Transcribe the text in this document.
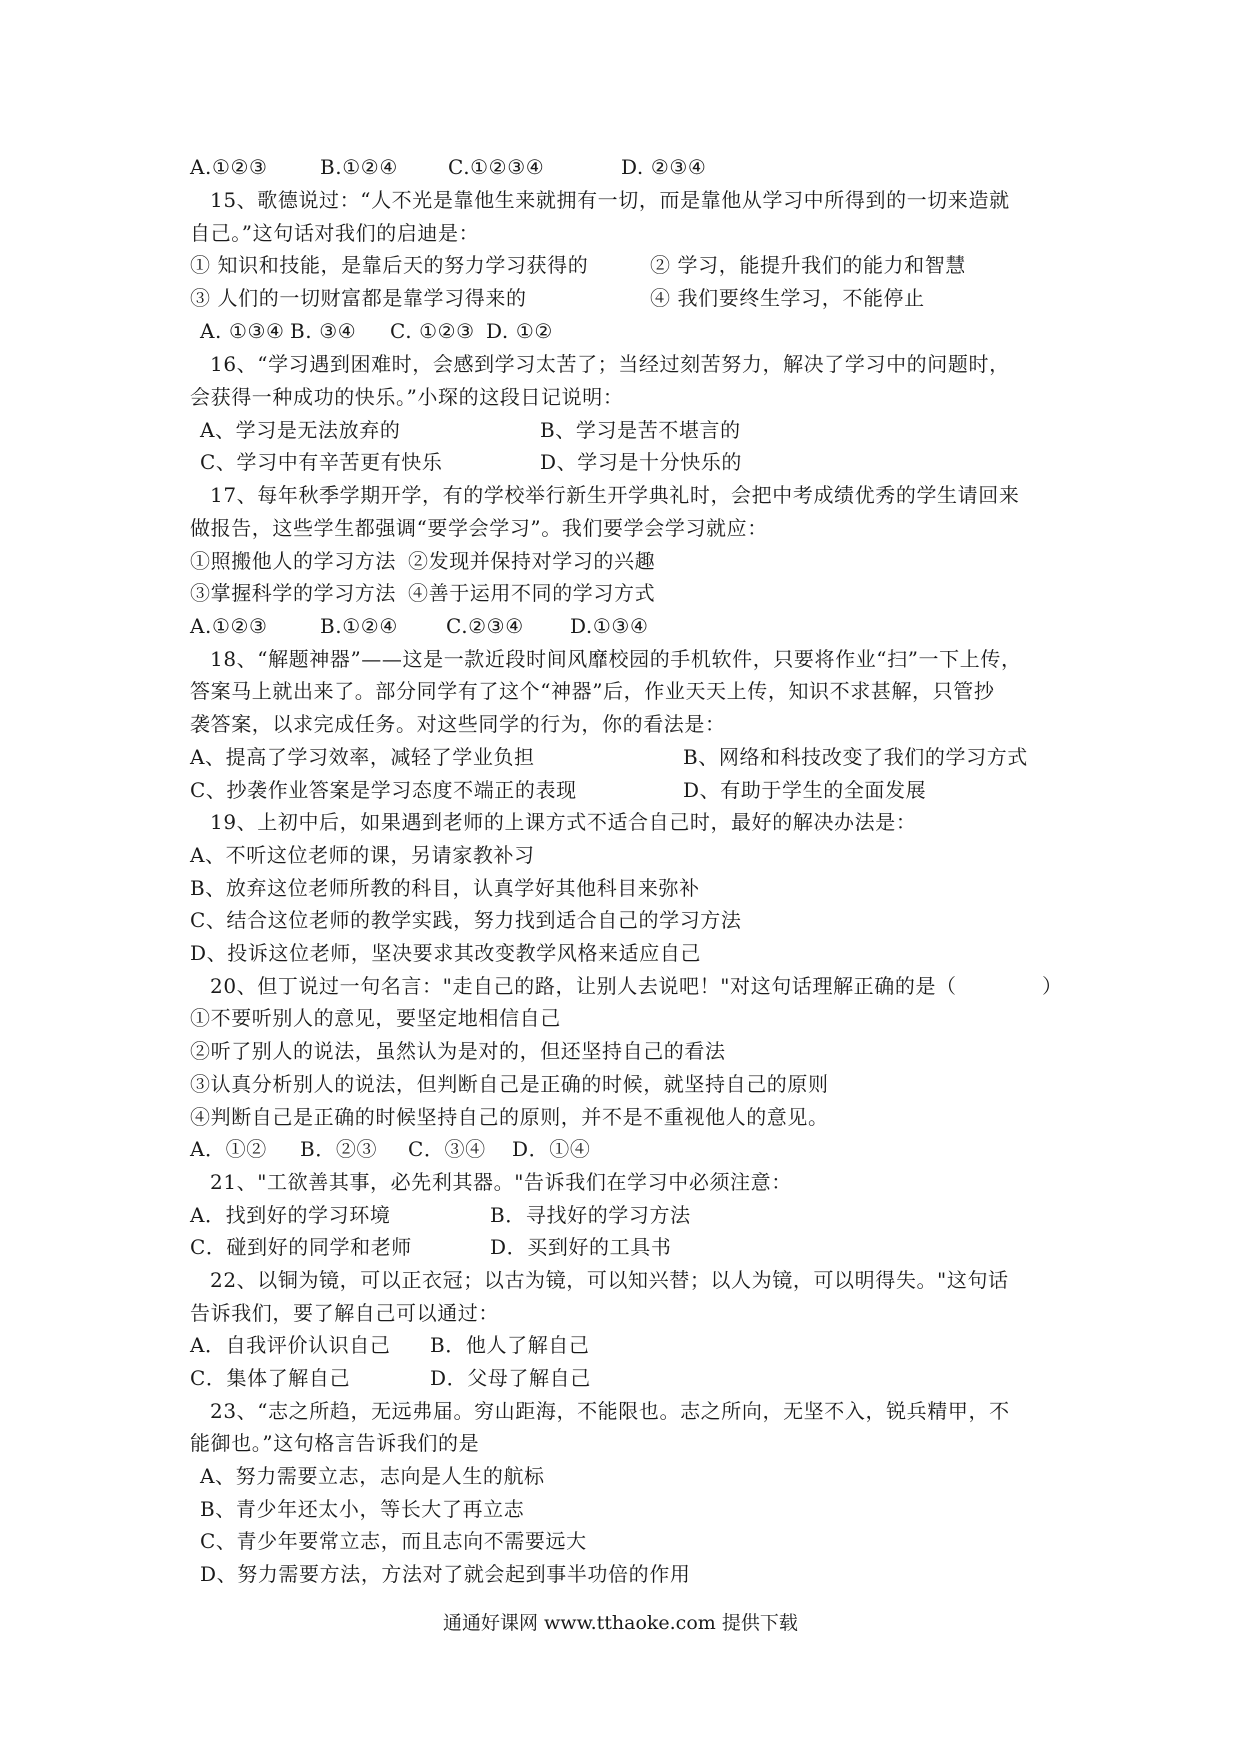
A.①②③	B.①②④	C.①②③④	D. ②③④
15、歌德说过：“人不光是靠他生来就拥有一切，而是靠他从学习中所得到的一切来造就
自己。”这句话对我们的启迪是：
① 知识和技能，是靠后天的努力学习获得的	② 学习，能提升我们的能力和智慧
③ 人们的一切财富都是靠学习得来的	④ 我们要终生学习，不能停止
A. ①③④ B. ③④ C. ①②③ D. ①②
16、“学习遇到困难时，会感到学习太苦了；当经过刻苦努力，解决了学习中的问题时，
会获得一种成功的快乐。”小琛的这段日记说明：
A、学习是无法放弃的	B、学习是苦不堪言的
C、学习中有辛苦更有快乐	D、学习是十分快乐的
17、每年秋季学期开学，有的学校举行新生开学典礼时，会把中考成绩优秀的学生请回来
做报告，这些学生都强调“要学会学习”。我们要学会学习就应：
①照搬他人的学习方法 ②发现并保持对学习的兴趣
③掌握科学的学习方法 ④善于运用不同的学习方式
A.①②③	B.①②④ C.②③④ D.①③④
18、“解题神器”——这是一款近段时间风靡校园的手机软件，只要将作业“扫”一下上传，
答案马上就出来了。部分同学有了这个“神器”后，作业天天上传，知识不求甚解，只管抄
袭答案，以求完成任务。对这些同学的行为，你的看法是：
A、提高了学习效率，减轻了学业负担	B、网络和科技改变了我们的学习方式
C、抄袭作业答案是学习态度不端正的表现	D、有助于学生的全面发展
19、上初中后，如果遇到老师的上课方式不适合自己时，最好的解决办法是：
A、不听这位老师的课，另请家教补习
B、放弃这位老师所教的科目，认真学好其他科目来弥补
C、结合这位老师的教学实践，努力找到适合自己的学习方法
D、投诉这位老师，坚决要求其改变教学风格来适应自己
20、但丁说过一句名言："走自己的路，让别人去说吧！"对这句话理解正确的是（	）
①不要听别人的意见，要坚定地相信自己
②听了别人的说法，虽然认为是对的，但还坚持自己的看法
③认真分析别人的说法，但判断自己是正确的时候，就坚持自己的原则
④判断自己是正确的时候坚持自己的原则，并不是不重视他人的意见。
A．①② B．②③ C．③④ D．①④
21、"工欲善其事，必先利其器。"告诉我们在学习中必须注意：
A．找到好的学习环境	B．寻找好的学习方法
C．碰到好的同学和老师	D．买到好的工具书
22、以铜为镜，可以正衣冠；以古为镜，可以知兴替；以人为镜，可以明得失。"这句话
告诉我们，要了解自己可以通过：
A．自我评价认识自己 B．他人了解自己
C．集体了解自己	D．父母了解自己
23、“志之所趋，无远弗届。穷山距海，不能限也。志之所向，无坚不入，锐兵精甲，不
能御也。”这句格言告诉我们的是
A、努力需要立志，志向是人生的航标
B、青少年还太小，等长大了再立志
C、青少年要常立志，而且志向不需要远大
D、努力需要方法，方法对了就会起到事半功倍的作用
通通好课网 www.tthaoke.com 提供下载
